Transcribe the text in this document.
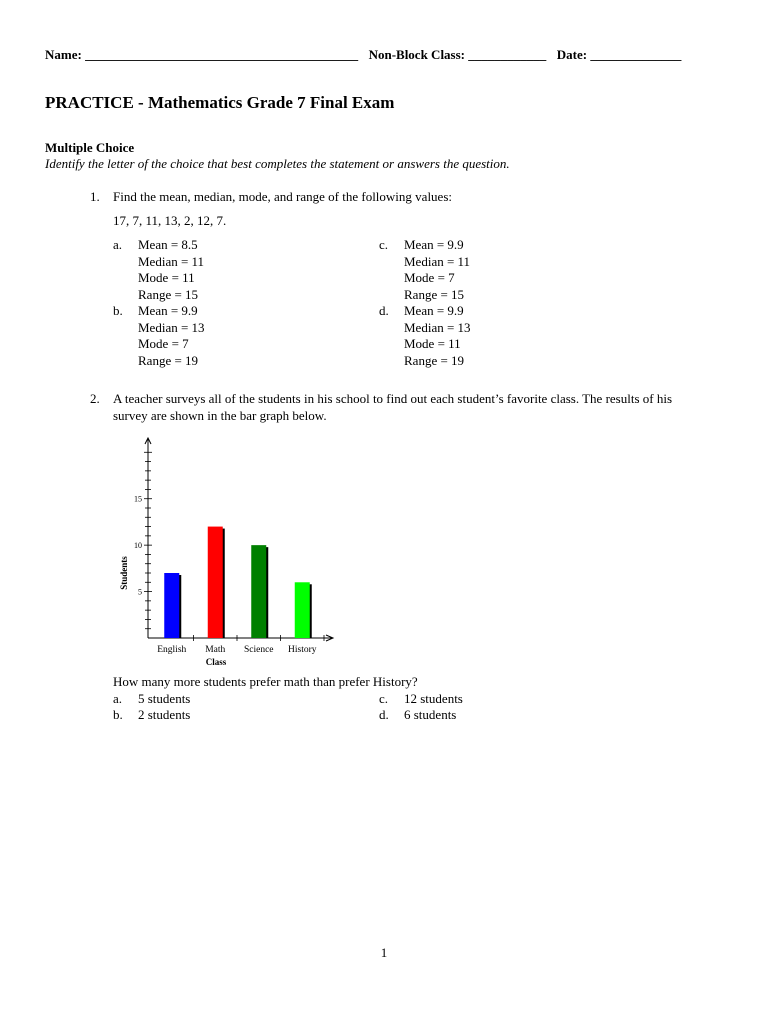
Name: __________________________________________ Non-Block Class: ____________ Date: ______________
PRACTICE - Mathematics Grade 7 Final Exam
Multiple Choice
Identify the letter of the choice that best completes the statement or answers the question.
1.	Find the mean, median, mode, and range of the following values:
17, 7, 11, 13, 2, 12, 7.
a. Mean = 8.5
Median = 11
Mode = 11
Range = 15
b. Mean = 9.9
Median = 13
Mode = 7
Range = 19
c. Mean = 9.9
Median = 11
Mode = 7
Range = 15
d. Mean = 9.9
Median = 13
Mode = 11
Range = 19
2.	A teacher surveys all of the students in his school to find out each student’s favorite class. The results of his
survey are shown in the bar graph below.
5
10
15
English Math Science History
Class
Students
How many more students prefer math than prefer History?
a. 5 students
b. 2 students
c. 12 students
d. 6 students
1
